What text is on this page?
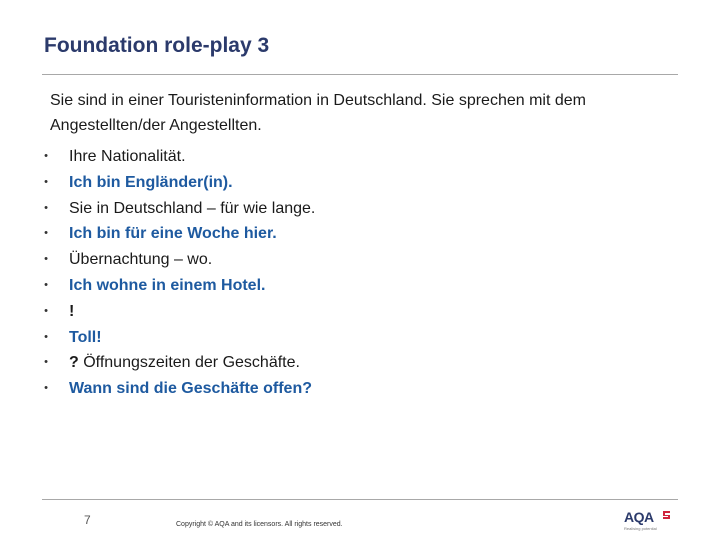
Foundation role-play 3
Sie sind in einer Touristeninformation in Deutschland. Sie sprechen mit dem Angestellten/der Angestellten.
• Ihre Nationalität.
• Ich bin Engländer(in).
• Sie in Deutschland – für wie lange.
• Ich bin für eine Woche hier.
• Übernachtung – wo.
• Ich wohne in einem Hotel.
• !
• Toll!
• ? Öffnungszeiten der Geschäfte.
• Wann sind die Geschäfte offen?
7	Copyright © AQA and its licensors. All rights reserved.	AQA
Realising potential
